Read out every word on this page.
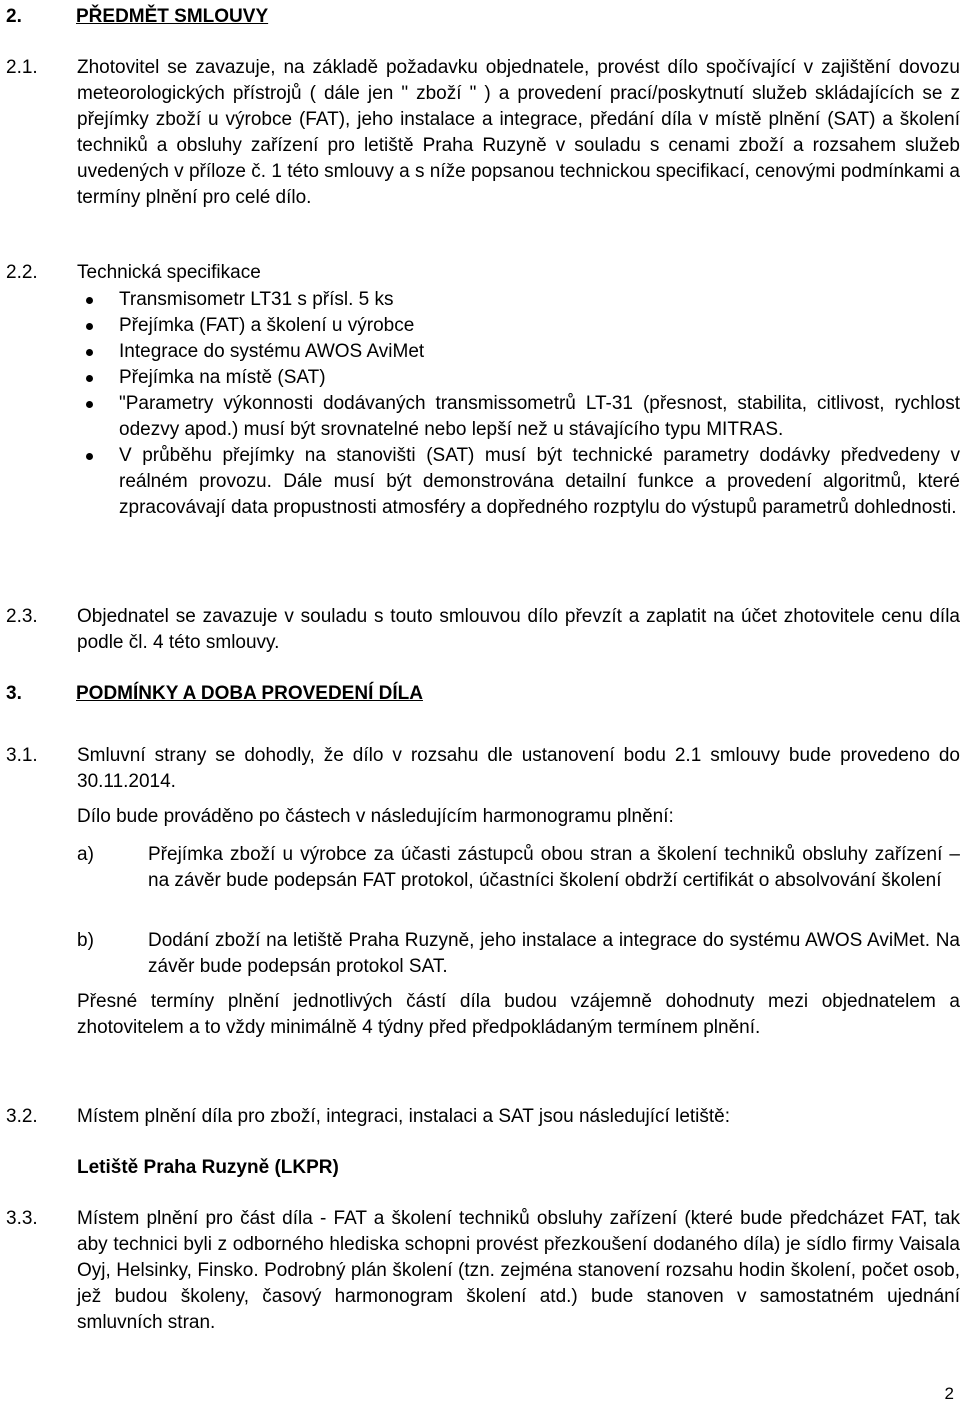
2.	PŘEDMĚT SMLOUVY
2.1.	Zhotovitel se zavazuje, na základě požadavku objednatele, provést dílo spočívající v zajištění dovozu meteorologických přístrojů ( dále jen " zboží " ) a provedení prací/poskytnutí služeb skládajících se z přejímky zboží u výrobce (FAT), jeho instalace a integrace, předání díla v místě plnění (SAT) a školení techniků a obsluhy zařízení pro letiště Praha Ruzyně v souladu s cenami zboží a rozsahem služeb uvedených v příloze č. 1 této smlouvy a s níže popsanou technickou specifikací, cenovými podmínkami a termíny plnění pro celé dílo.
2.2.	Technická specifikace
Transmisometr LT31 s přísl. 5 ks
Přejímka (FAT) a školení u výrobce
Integrace do systému AWOS AviMet
Přejímka na místě (SAT)
"Parametry výkonnosti dodávaných transmissometrů LT-31 (přesnost, stabilita, citlivost, rychlost odezvy apod.) musí být srovnatelné nebo lepší než u stávajícího typu MITRAS.
V průběhu přejímky na stanovišti (SAT) musí být technické parametry dodávky předvedeny v reálném provozu. Dále musí být demonstrována detailní funkce a provedení algoritmů, které zpracovávají data propustnosti atmosféry a dopředného rozptylu do výstupů parametrů dohlednosti.
2.3.	Objednatel se zavazuje v souladu s touto smlouvou dílo převzít a zaplatit na účet zhotovitele cenu díla podle čl. 4 této smlouvy.
3.	PODMÍNKY A DOBA PROVEDENÍ DÍLA
3.1.	Smluvní strany se dohodly, že dílo v rozsahu dle ustanovení bodu 2.1 smlouvy bude provedeno do 30.11.2014.
Dílo bude prováděno po částech v následujícím harmonogramu plnění:
a)	Přejímka zboží u výrobce za účasti zástupců obou stran a školení techniků obsluhy zařízení – na závěr bude podepsán FAT protokol, účastníci školení obdrží certifikát o absolvování školení
b)	Dodání zboží na letiště Praha Ruzyně, jeho instalace a integrace do systému AWOS AviMet. Na závěr bude podepsán protokol SAT.
Přesné termíny plnění jednotlivých částí díla budou vzájemně dohodnuty mezi objednatelem a zhotovitelem a to vždy minimálně 4 týdny před předpokládaným termínem plnění.
3.2.	Místem plnění díla pro zboží, integraci, instalaci a SAT jsou následující letiště:
Letiště Praha Ruzyně (LKPR)
3.3.	Místem plnění pro část díla - FAT a školení techniků obsluhy zařízení (které bude předcházet FAT, tak aby technici byli z odborného hlediska schopni provést přezkoušení dodaného díla) je sídlo firmy Vaisala Oyj, Helsinky, Finsko. Podrobný plán školení (tzn. zejména stanovení rozsahu hodin školení, počet osob, jež budou školeny, časový harmonogram školení atd.) bude stanoven v samostatném ujednání smluvních stran.
2
